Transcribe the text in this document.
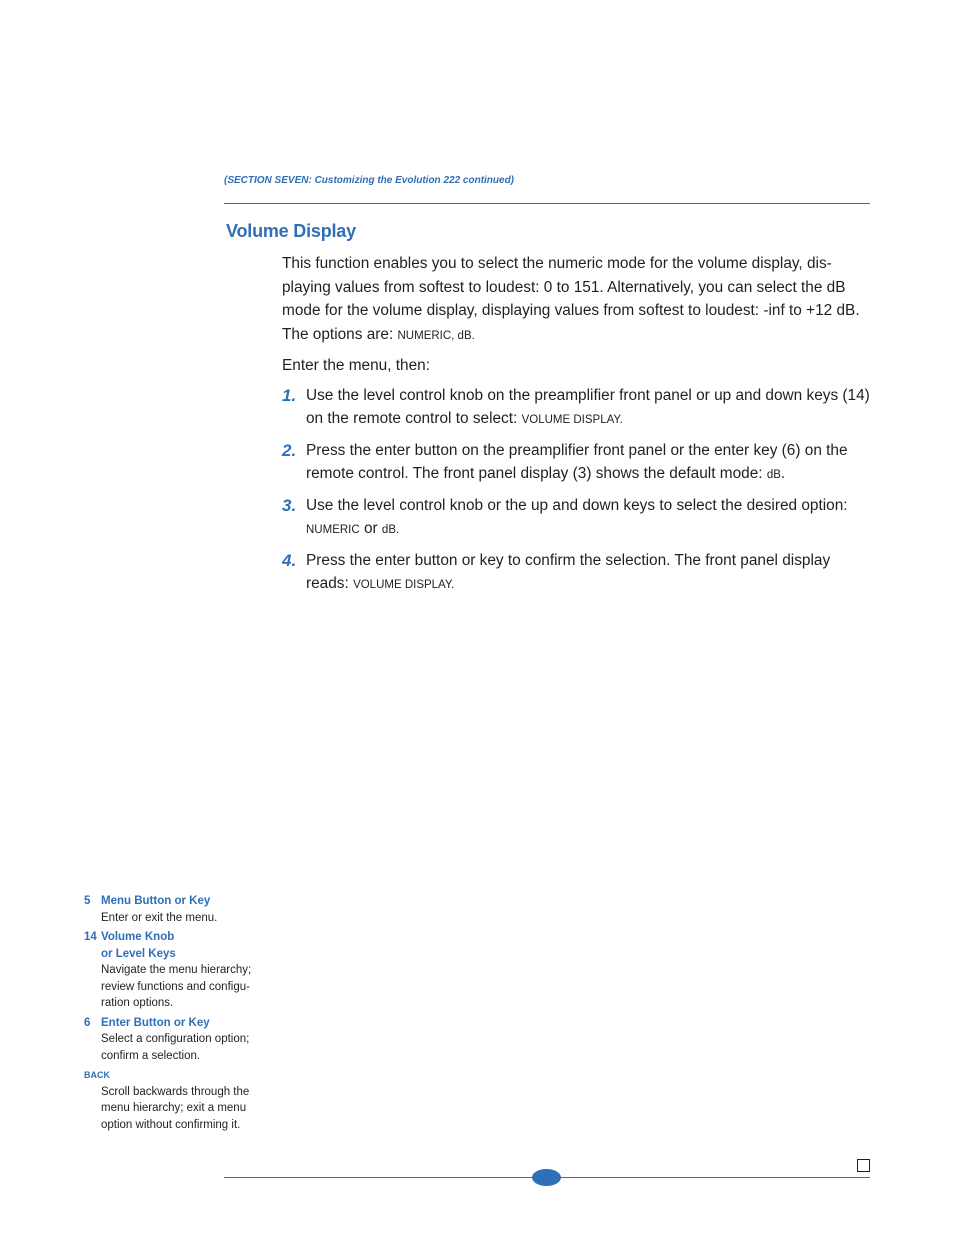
(SECTION SEVEN: Customizing the Evolution 222 continued)
Volume Display

This function enables you to select the numeric mode for the volume display, dis-playing values from softest to loudest: 0 to 151. Alternatively, you can select the dB mode for the volume display, displaying values from softest to loudest: -inf to +12 dB. The options are: NUMERIC, dB.

Enter the menu, then:

1. Use the level control knob on the preamplifier front panel or up and down keys (14) on the remote control to select: VOLUME DISPLAY.
2. Press the enter button on the preamplifier front panel or the enter key (6) on the remote control. The front panel display (3) shows the default mode: dB.
3. Use the level control knob or the up and down keys to select the desired option: NUMERIC or dB.
4. Press the enter button or key to confirm the selection. The front panel display reads: VOLUME DISPLAY.
5 Menu Button or Key
Enter or exit the menu.
14 Volume Knob
or Level Keys
Navigate the menu hierarchy; review functions and configu-ration options.
6 Enter Button or Key
Select a configuration option; confirm a selection.
BACK
Scroll backwards through the menu hierarchy; exit a menu option without confirming it.
